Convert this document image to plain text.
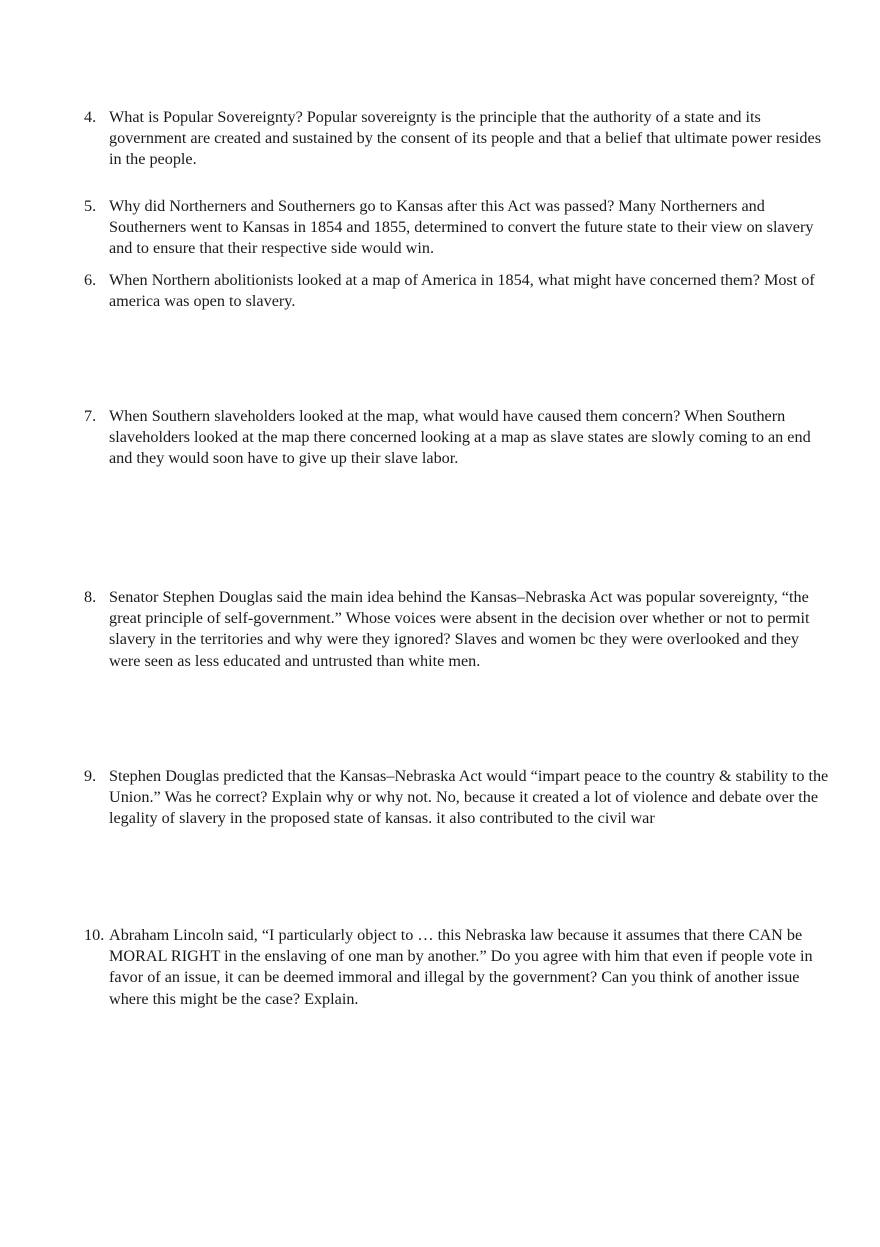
4. What is Popular Sovereignty? Popular sovereignty is the principle that the authority of a state and its government are created and sustained by the consent of its people and that a belief that ultimate power resides in the people.
5. Why did Northerners and Southerners go to Kansas after this Act was passed? Many Northerners and Southerners went to Kansas in 1854 and 1855, determined to convert the future state to their view on slavery and to ensure that their respective side would win.
6. When Northern abolitionists looked at a map of America in 1854, what might have concerned them? Most of america was open to slavery.
7. When Southern slaveholders looked at the map, what would have caused them concern? When Southern slaveholders looked at the map there concerned looking at a map as slave states are slowly coming to an end and they would soon have to give up their slave labor.
8. Senator Stephen Douglas said the main idea behind the Kansas–Nebraska Act was popular sovereignty, “the great principle of self-government.” Whose voices were absent in the decision over whether or not to permit slavery in the territories and why were they ignored? Slaves and women bc they were overlooked and they were seen as less educated and untrusted than white men.
9. Stephen Douglas predicted that the Kansas–Nebraska Act would “impart peace to the country & stability to the Union.” Was he correct? Explain why or why not. No, because it created a lot of violence and debate over the legality of slavery in the proposed state of kansas. it also contributed to the civil war
10. Abraham Lincoln said, “I particularly object to … this Nebraska law because it assumes that there CAN be MORAL RIGHT in the enslaving of one man by another.” Do you agree with him that even if people vote in favor of an issue, it can be deemed immoral and illegal by the government? Can you think of another issue where this might be the case? Explain.
